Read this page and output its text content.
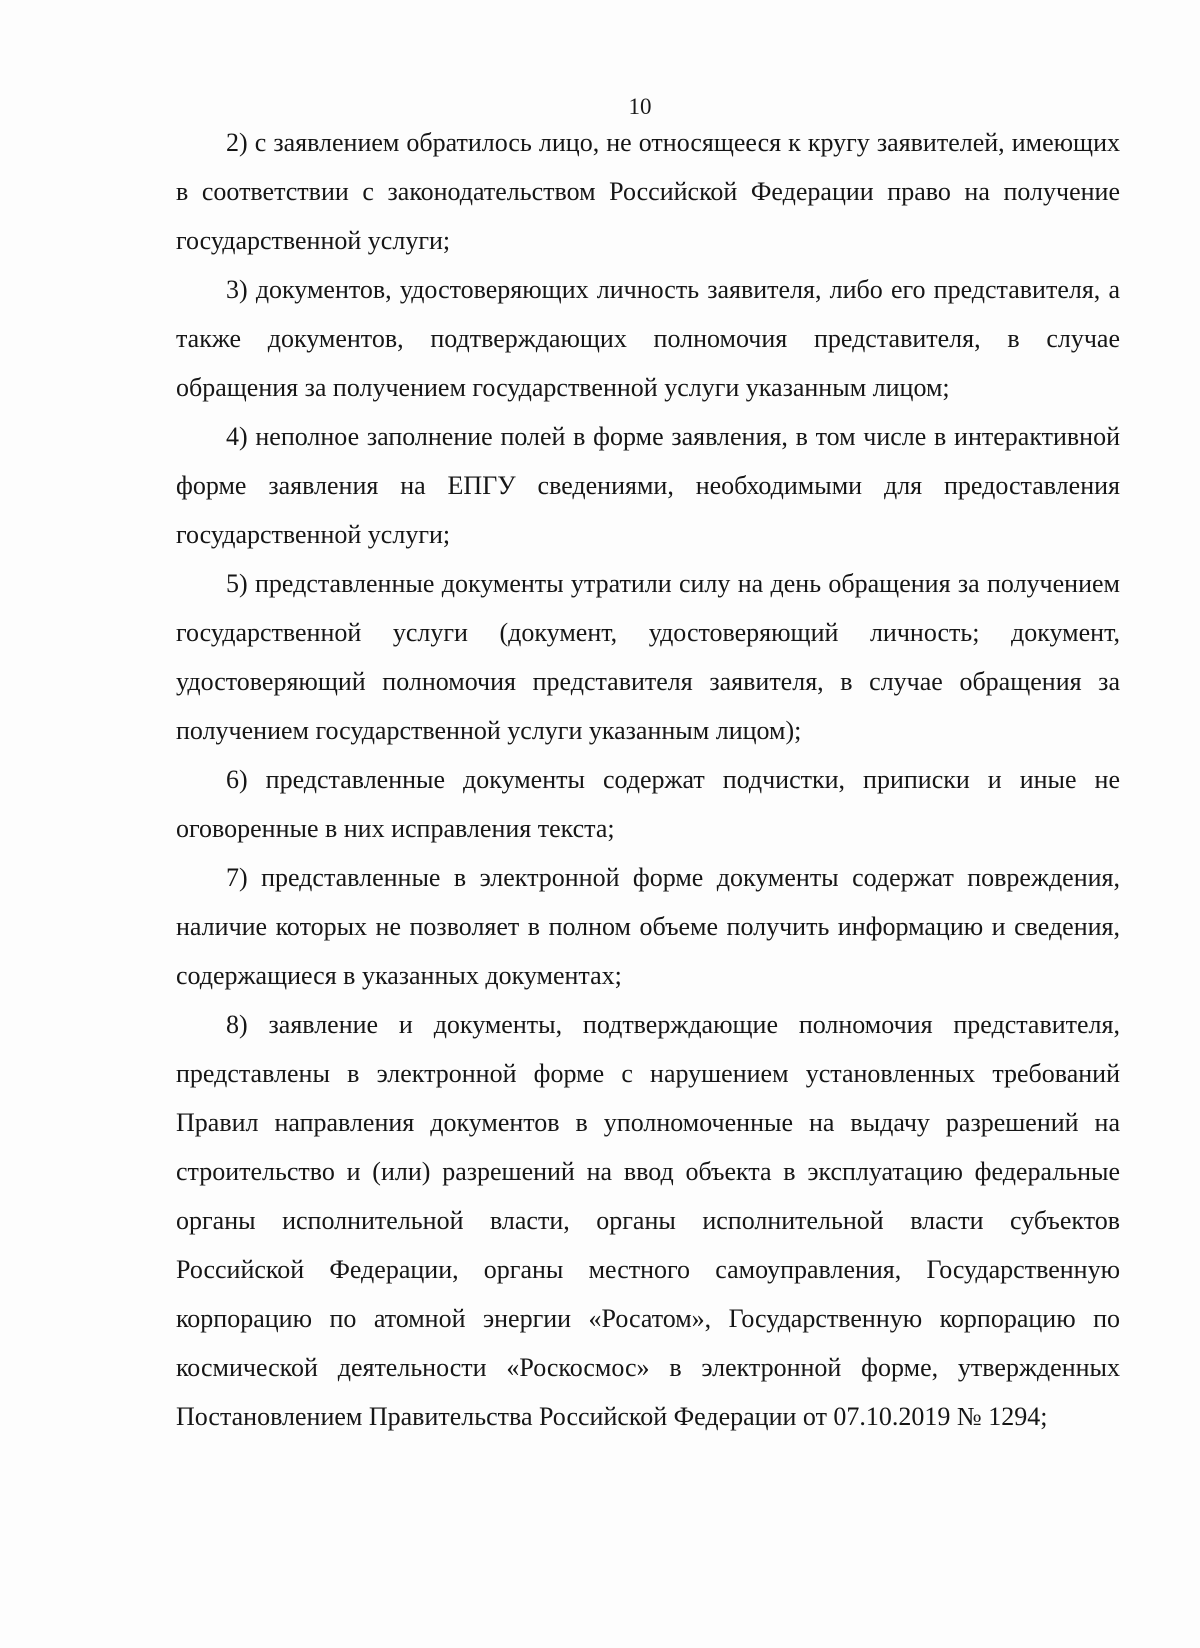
10

2) с заявлением обратилось лицо, не относящееся к кругу заявителей, имеющих в соответствии с законодательством Российской Федерации право на получение государственной услуги;

3) документов, удостоверяющих личность заявителя, либо его представителя, а также документов, подтверждающих полномочия представителя, в случае обращения за получением государственной услуги указанным лицом;

4) неполное заполнение полей в форме заявления, в том числе в интерактивной форме заявления на ЕПГУ сведениями, необходимыми для предоставления государственной услуги;

5) представленные документы утратили силу на день обращения за получением государственной услуги (документ, удостоверяющий личность; документ, удостоверяющий полномочия представителя заявителя, в случае обращения за получением государственной услуги указанным лицом);

6) представленные документы содержат подчистки, приписки и иные не оговоренные в них исправления текста;

7) представленные в электронной форме документы содержат повреждения, наличие которых не позволяет в полном объеме получить информацию и сведения, содержащиеся в указанных документах;

8) заявление и документы, подтверждающие полномочия представителя, представлены в электронной форме с нарушением установленных требований Правил направления документов в уполномоченные на выдачу разрешений на строительство и (или) разрешений на ввод объекта в эксплуатацию федеральные органы исполнительной власти, органы исполнительной власти субъектов Российской Федерации, органы местного самоуправления, Государственную корпорацию по атомной энергии «Росатом», Государственную корпорацию по космической деятельности «Роскосмос» в электронной форме, утвержденных Постановлением Правительства Российской Федерации от 07.10.2019 № 1294;
